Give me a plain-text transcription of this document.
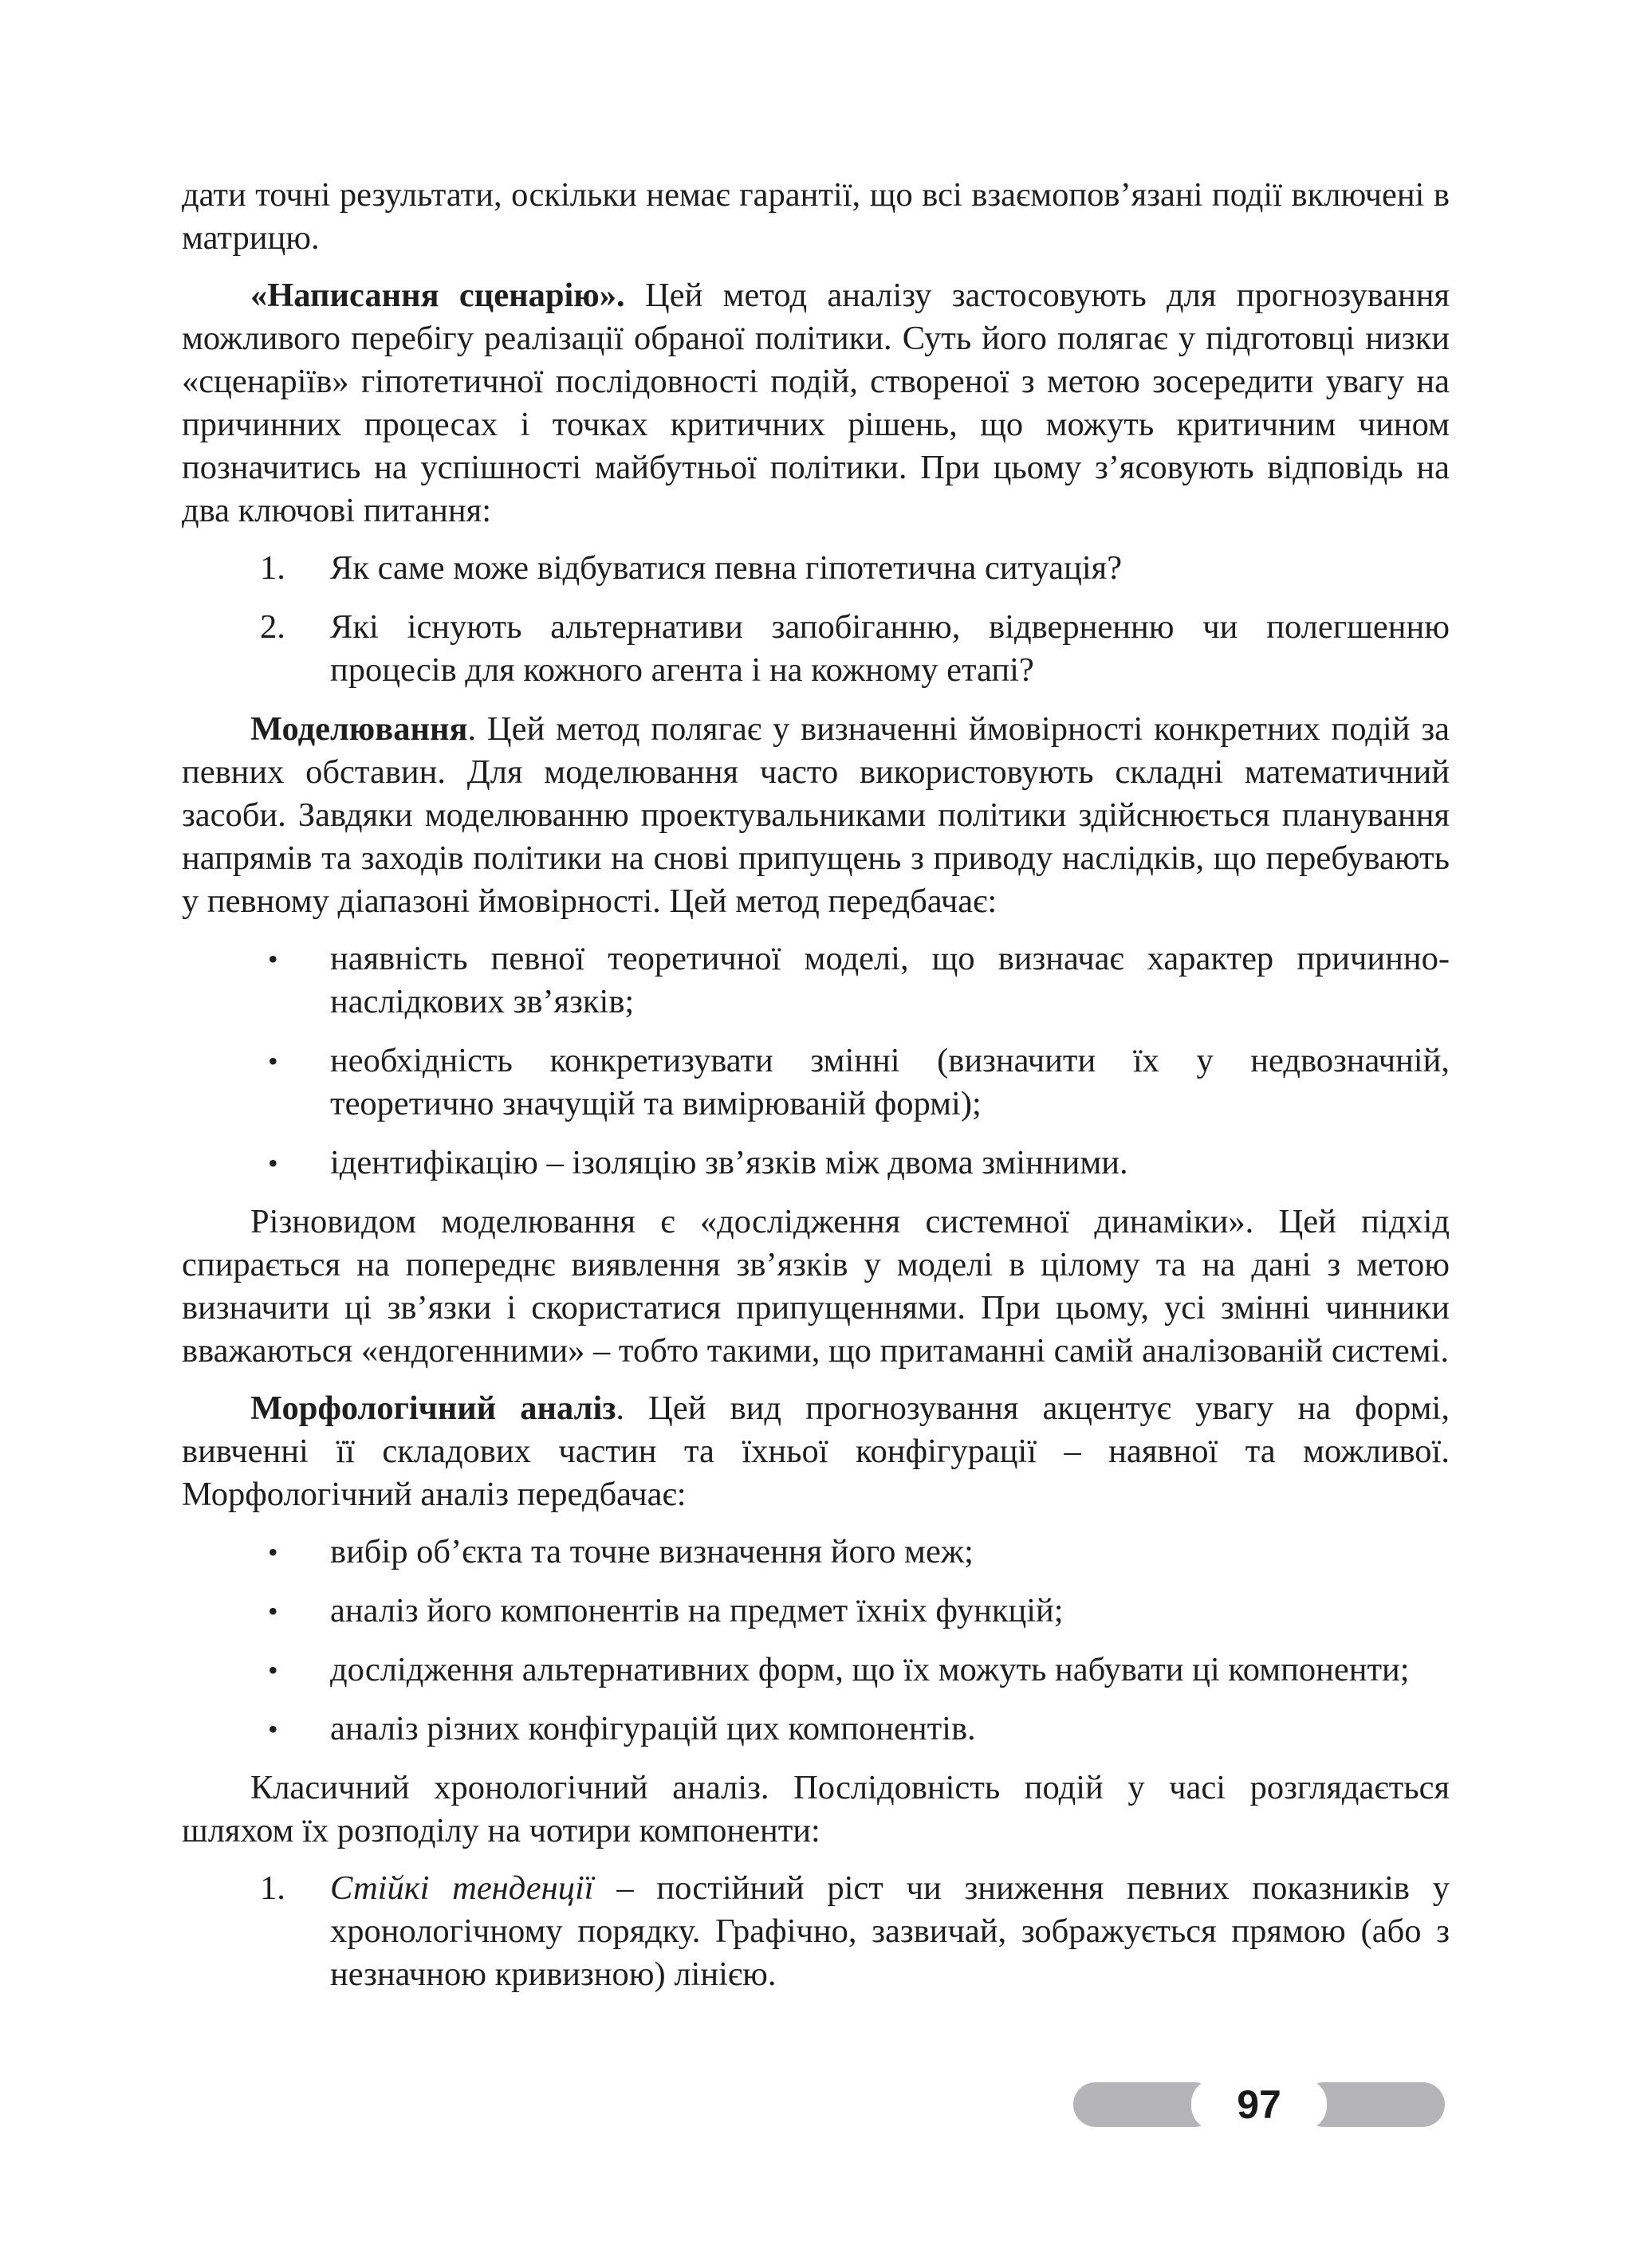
дати точні результати, оскільки немає гарантії, що всі взаємопов’язані події включені в матрицю.

«Написання сценарію». Цей метод аналізу застосовують для прогнозування можливого перебігу реалізації обраної політики. Суть його полягає у підготовці низки «сценаріїв» гіпотетичної послідовності подій, створеної з метою зосередити увагу на причинних процесах і точках критичних рішень, що можуть критичним чином позначитись на успішності майбутньої політики. При цьому з’ясовують відповідь на два ключові питання:

1. Як саме може відбуватися певна гіпотетична ситуація?
2. Які існують альтернативи запобіганню, відверненню чи полегшенню процесів для кожного агента і на кожному етапі?

Моделювання. Цей метод полягає у визначенні ймовірності конкретних подій за певних обставин. Для моделювання часто використовують складні математичний засоби. Завдяки моделюванню проектувальниками політики здійснюється планування напрямів та заходів політики на снові припущень з приводу наслідків, що перебувають у певному діапазоні ймовірності. Цей метод передбачає:

• наявність певної теоретичної моделі, що визначає характер причинно-наслідкових зв’язків;
• необхідність конкретизувати змінні (визначити їх у недвозначній, теоретично значущій та вимірюваній формі);
• ідентифікацію – ізоляцію зв’язків між двома змінними.

Різновидом моделювання є «дослідження системної динаміки». Цей підхід спирається на попереднє виявлення зв’язків у моделі в цілому та на дані з метою визначити ці зв’язки і скористатися припущеннями. При цьому, усі змінні чинники вважаються «ендогенними» – тобто такими, що притаманні самій аналізованій системі.

Морфологічний аналіз. Цей вид прогнозування акцентує увагу на формі, вивченні її складових частин та їхньої конфігурації – наявної та можливої. Морфологічний аналіз передбачає:

• вибір об’єкта та точне визначення його меж;
• аналіз його компонентів на предмет їхніх функцій;
• дослідження альтернативних форм, що їх можуть набувати ці компоненти;
• аналіз різних конфігурацій цих компонентів.

Класичний хронологічний аналіз. Послідовність подій у часі розглядається шляхом їх розподілу на чотири компоненти:

1. Стійкі тенденції – постійний ріст чи зниження певних показників у хронологічному порядку. Графічно, зазвичай, зображується прямою (або з незначною кривизною) лінією.
97
